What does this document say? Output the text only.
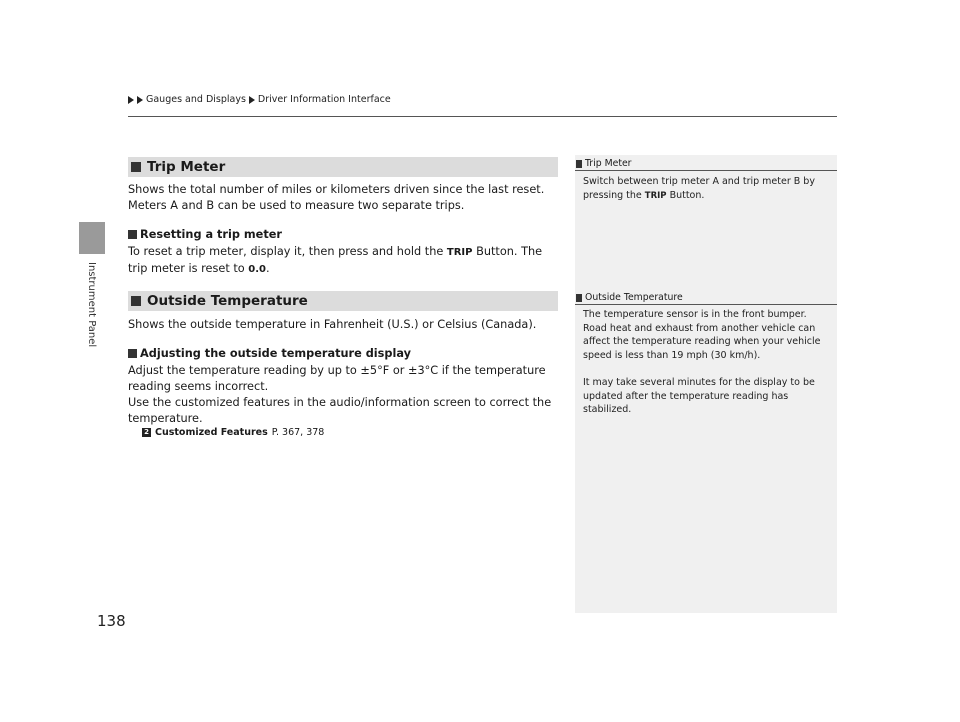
Gauges and Displays Driver Information Interface
Instrument Panel
Trip Meter

Shows the total number of miles or kilometers driven since the last reset. Meters A and B can be used to measure two separate trips.

Resetting a trip meter

To reset a trip meter, display it, then press and hold the TRIP Button. The trip meter is reset to 0.0.

Outside Temperature

Shows the outside temperature in Fahrenheit (U.S.) or Celsius (Canada).

Adjusting the outside temperature display

Adjust the temperature reading by up to ±5°F or ±3°C if the temperature reading seems incorrect.

Use the customized features in the audio/information screen to correct the temperature.

2 Customized Features P. 367, 378
Trip Meter

Switch between trip meter A and trip meter B by pressing the TRIP Button.

Outside Temperature

The temperature sensor is in the front bumper. Road heat and exhaust from another vehicle can affect the temperature reading when your vehicle speed is less than 19 mph (30 km/h).

It may take several minutes for the display to be updated after the temperature reading has stabilized.

138
